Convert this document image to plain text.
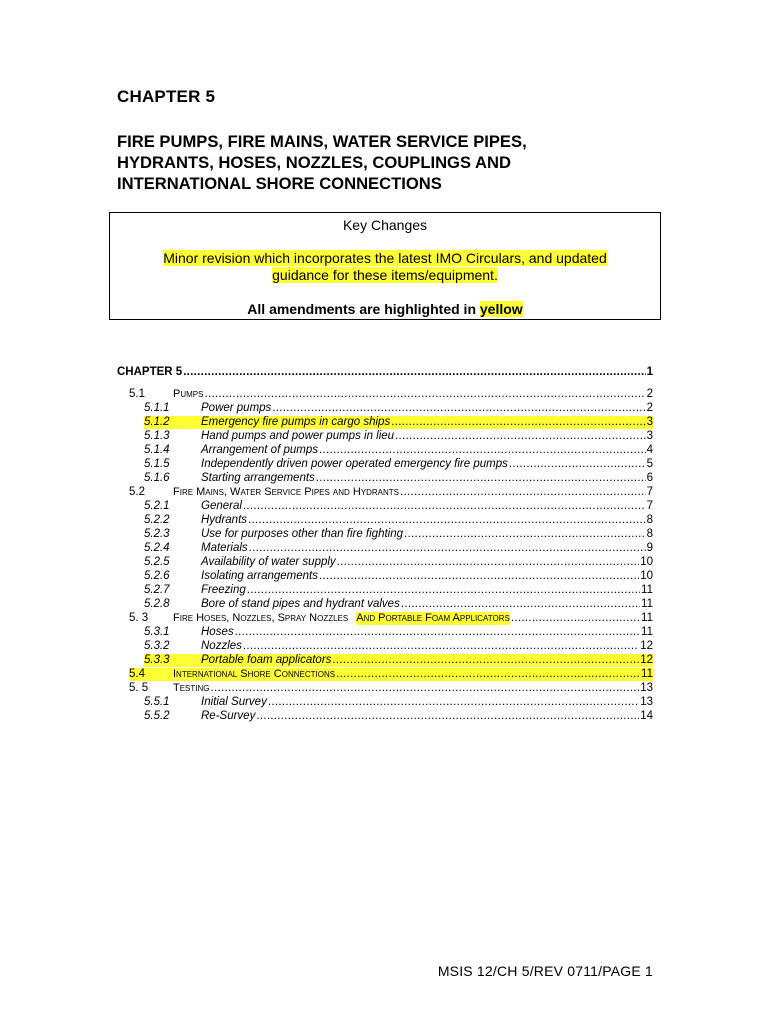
CHAPTER 5
FIRE PUMPS, FIRE MAINS, WATER SERVICE PIPES,
HYDRANTS, HOSES, NOZZLES, COUPLINGS AND
INTERNATIONAL SHORE CONNECTIONS
Key Changes
Minor revision which incorporates the latest IMO Circulars, and updated
guidance for these items/equipment.
All amendments are highlighted in yellow
CHAPTER 5 .....	1
5.1	Pumps .....	2
5.1.1	Power pumps .....	2
5.1.2	Emergency fire pumps in cargo ships .....	3
5.1.3	Hand pumps and power pumps in lieu .....	3
5.1.4	Arrangement of pumps .....	4
5.1.5	Independently driven power operated emergency fire pumps .....	5
5.1.6	Starting arrangements .....	6
5.2	Fire Mains, Water Service Pipes and Hydrants .....	7
5.2.1	General .....	7
5.2.2	Hydrants .....	8
5.2.3	Use for purposes other than fire fighting .....	8
5.2.4	Materials .....	9
5.2.5	Availability of water supply .....	10
5.2.6	Isolating arrangements .....	10
5.2.7	Freezing .....	11
5.2.8	Bore of stand pipes and hydrant valves .....	11
5. 3	Fire Hoses, Nozzles, Spray Nozzles And Portable Foam Applicators .....	11
5.3.1	Hoses .....	11
5.3.2	Nozzles .....	12
5.3.3	Portable foam applicators .....	12
5.4	International Shore Connections .....	11
5. 5	Testing .....	13
5.5.1	Initial Survey .....	13
5.5.2	Re-Survey .....	14
MSIS 12/CH 5/REV 0711/PAGE 1
